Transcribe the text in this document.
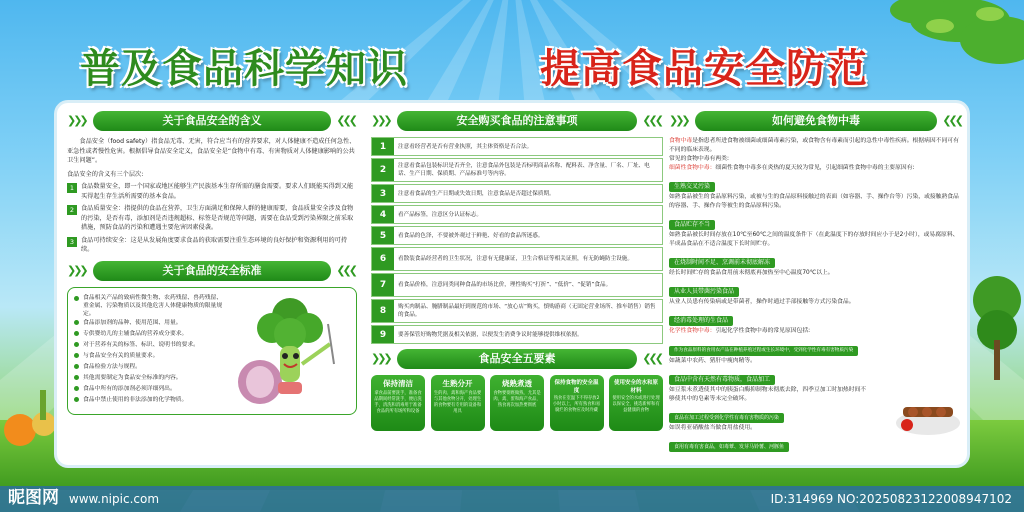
普及食品科学知识	提高食品安全防范
❯❯❯	关于食品安全的含义	❮❮❮

食品安全（food safety）指食品无毒、无害，符合应当有的营养要求，对人体健康不造成任何急性、亚急性或者慢性危害。根据倡导食品安全定义，食品安全是“食物中有毒、有害物质对人体健康影响的公共卫生问题”。

食品安全的含义有三个层次:

1	食品数量安全，即一个国家或地区能够生产民族基本生存所需的膳食需要。要求人们既能买得到又能买得起生存生活所需要的基本食品。
2	食品质量安全：指提供的食品在营养，卫生方面满足和保障人群的健康需要，食品质量安全涉及食物的污染，是否有毒，添加剂是否违规超标、标签是否规范等问题，需要在食品受到污染界限之前采取措施，预防食品的污染和遭遇主要危害因素侵袭。
3	食品可持续安全：这是从发展角度要求食品的获取需要注重生态环境的良好保护和资源利用的可持续。
❯❯❯	关于食品的安全标准	❮❮❮
食品相关产品的致病性微生物、农药残留、兽药残留、重金属、污染物质以及其他危害人体健康物质的限量规定。
食品添加剂的品种、使用范围、用量。
专供婴幼儿的主辅食品的营养成分要求。
对于营养有关的标签、标识、说明书的要求。
与食品安全有关的质量要求。
食品检验方法与规程。
其他需要制定为食品安全标准的内容。
食品中所有的添加剂必须详细列出。
食品中禁止使用的非法添加的化学物质。
❯❯❯	安全购买食品的注意事项	❮❮❮
1	注意看经营者是否有营业执照，其主体资格是否合法。
2	注意看食品包装标识是否齐全，注意食品外包装是否标明商品名称、配料表、净含量、厂名、厂址、电话、生产日期、保质期、产品标准号等内容。
3	注意看食品的生产日期或失效日期，注意食品是否超过保质期。
4	看产品标签，注意区分认证标志。
5	看食品的色泽，不要被外观过于鲜艳、好看的食品所迷惑。
6	看散装食品经营者的卫生状况，注意有无健康证，卫生合格证等相关证照，有无防蝇防尘设施。
7	看食品价格，注意同类同种食品的市场比价，理性购买“打折”、“低价”、“促销”食品。
8	购买肉制品、腌腊制品最好到规范的市场、“放心店”购买，慎购游商（无固定营业场所、推车销售）销售的食品。
9	要善保管好购物凭据及相关依据，以便发生消费争议时能够提供维权依据。
❯❯❯	食品安全五要素	❮❮❮
保持清洁
拿食品前要洗手，准备食品期间经常洗手，便后洗手，清洗和消毒用于准备食品的所有场所和设备
生熟分开
生的肉、禽和海产食品要与其他食物分开，处理生的食物要有专用的设备和用具
烧熟煮透
食物要彻底做熟，尤其是肉、禽、蛋和海产食品，熟食再次加热要彻底
保持食物的安全温度
熟食在室温下不得存放2小时以上，所有熟食和易腐烂的食物应及时冷藏
使用安全的水和原材料
使用安全的水或进行处理以保安全，挑选新鲜和有益健康的食物
❯❯❯	如何避免食物中毒	❮❮❮

食物中毒是指患者所进食物被细菌或细菌毒素污染，或食物含有毒素而引起的急性中毒性疾病。根据病因不同可有不同的临床表现。

常见的食物中毒有两类:

细菌性食物中毒：细菌性食物中毒多在炎热的夏天较为常见，引起细菌性食物中毒的主要原因有:

生熟交叉污染

如熟食品被生的食品原料污染，或被与生的食品原料接触过的表面（如容器、手、操作台等）污染，或接触熟食品的容器、手、操作台等被生的食品原料污染。

食品贮存不当

如熟食品被长时间存放在10℃至60℃之间的温度条件下（在此温度下的存放时间应小于是2小时），或易腐原料、半成品食品在不适合温度下长时间贮存。

在烧制时间不足、烹调前未彻底解冻

经长时间贮存的食品食用前未彻底再加热至中心温度70℃以上。

从业人员带菌污染食品

从业人员患有传染病或是带菌者，操作时通过手部接触等方式污染食品。

经消毒处理的生食品

化学性食物中毒：引起化学性食物中毒的常见原因包括:

作为食品原料的食用农产品在种植养殖过程或生长环境中，受到化学性有毒有害物质污染

如蔬菜中农药、猪肝中瘦肉精等。

食品中含有天然有毒物质，食品加工

如豆浆未煮透使其中的胰蛋白酶抑制物未彻底去除，四季豆加工时加热时间不够使其中的皂素等未完全破坏。

食品在加工过程受到化学性有毒有害物质的污染

如误将亚硝酸盐当做食用盐使用。

食用有毒有害食品，如毒蕈、发芽马铃薯、河豚鱼
昵图网 www.nipic.com	ID:314969 NO:20250823122008947102
